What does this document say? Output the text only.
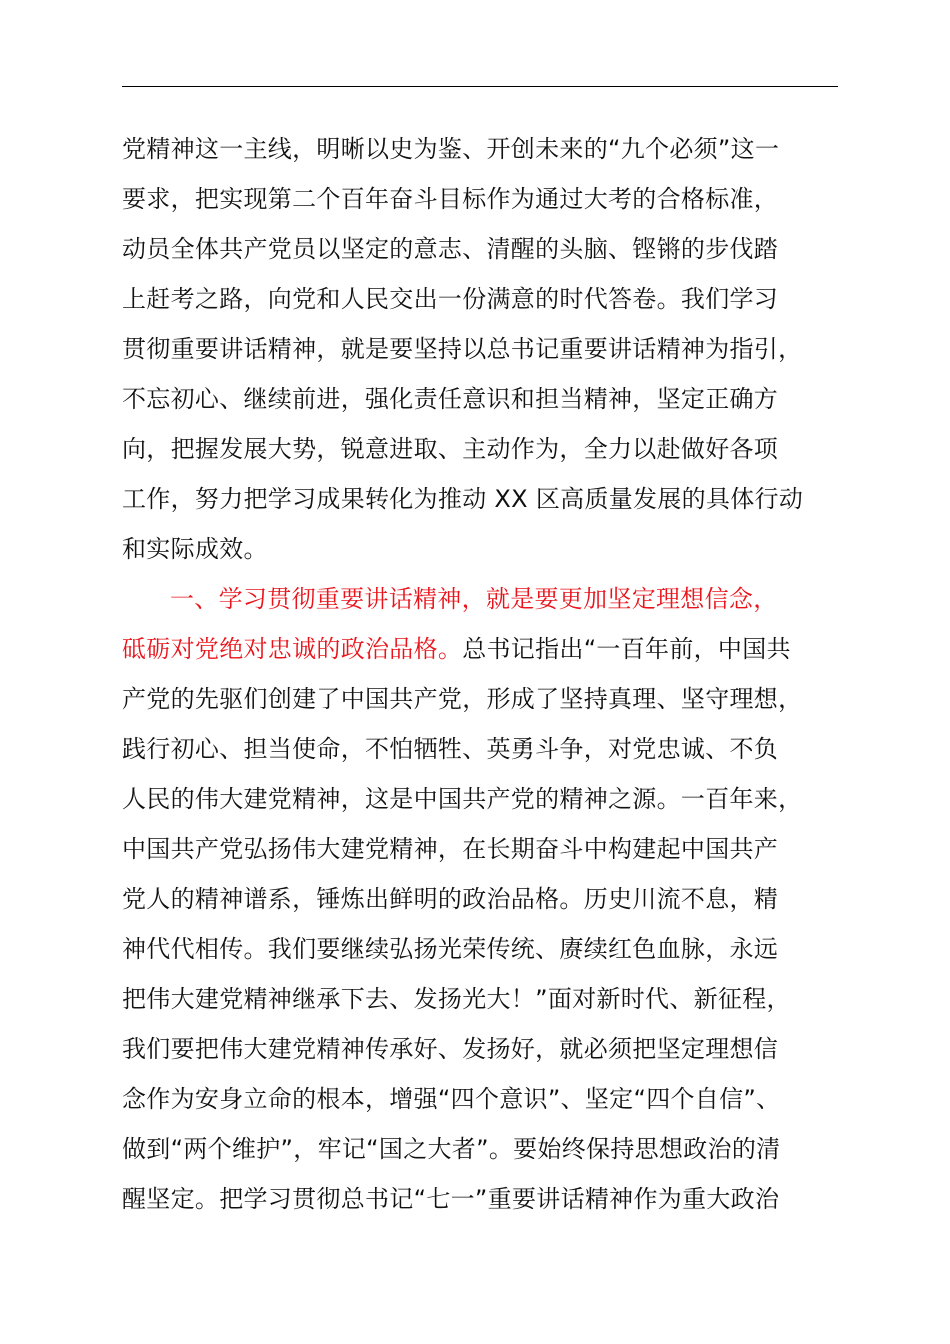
党精神这一主线，明晰以史为鉴、开创未来的“九个必须”这一
要求，把实现第二个百年奋斗目标作为通过大考的合格标准，
动员全体共产党员以坚定的意志、清醒的头脑、铿锵的步伐踏
上赶考之路，向党和人民交出一份满意的时代答卷。我们学习
贯彻重要讲话精神，就是要坚持以总书记重要讲话精神为指引，
不忘初心、继续前进，强化责任意识和担当精神，坚定正确方
向，把握发展大势，锐意进取、主动作为，全力以赴做好各项
工作，努力把学习成果转化为推动 XX 区高质量发展的具体行动
和实际成效。
一、学习贯彻重要讲话精神，就是要更加坚定理想信念，
砥砺对党绝对忠诚的政治品格。总书记指出“一百年前，中国共
产党的先驱们创建了中国共产党，形成了坚持真理、坚守理想，
践行初心、担当使命，不怕牺牲、英勇斗争，对党忠诚、不负
人民的伟大建党精神，这是中国共产党的精神之源。一百年来，
中国共产党弘扬伟大建党精神，在长期奋斗中构建起中国共产
党人的精神谱系，锤炼出鲜明的政治品格。历史川流不息，精
神代代相传。我们要继续弘扬光荣传统、赓续红色血脉，永远
把伟大建党精神继承下去、发扬光大！”面对新时代、新征程，
我们要把伟大建党精神传承好、发扬好，就必须把坚定理想信
念作为安身立命的根本，增强“四个意识”、坚定“四个自信”、
做到“两个维护”，牢记“国之大者”。要始终保持思想政治的清
醒坚定。把学习贯彻总书记“七一”重要讲话精神作为重大政治
